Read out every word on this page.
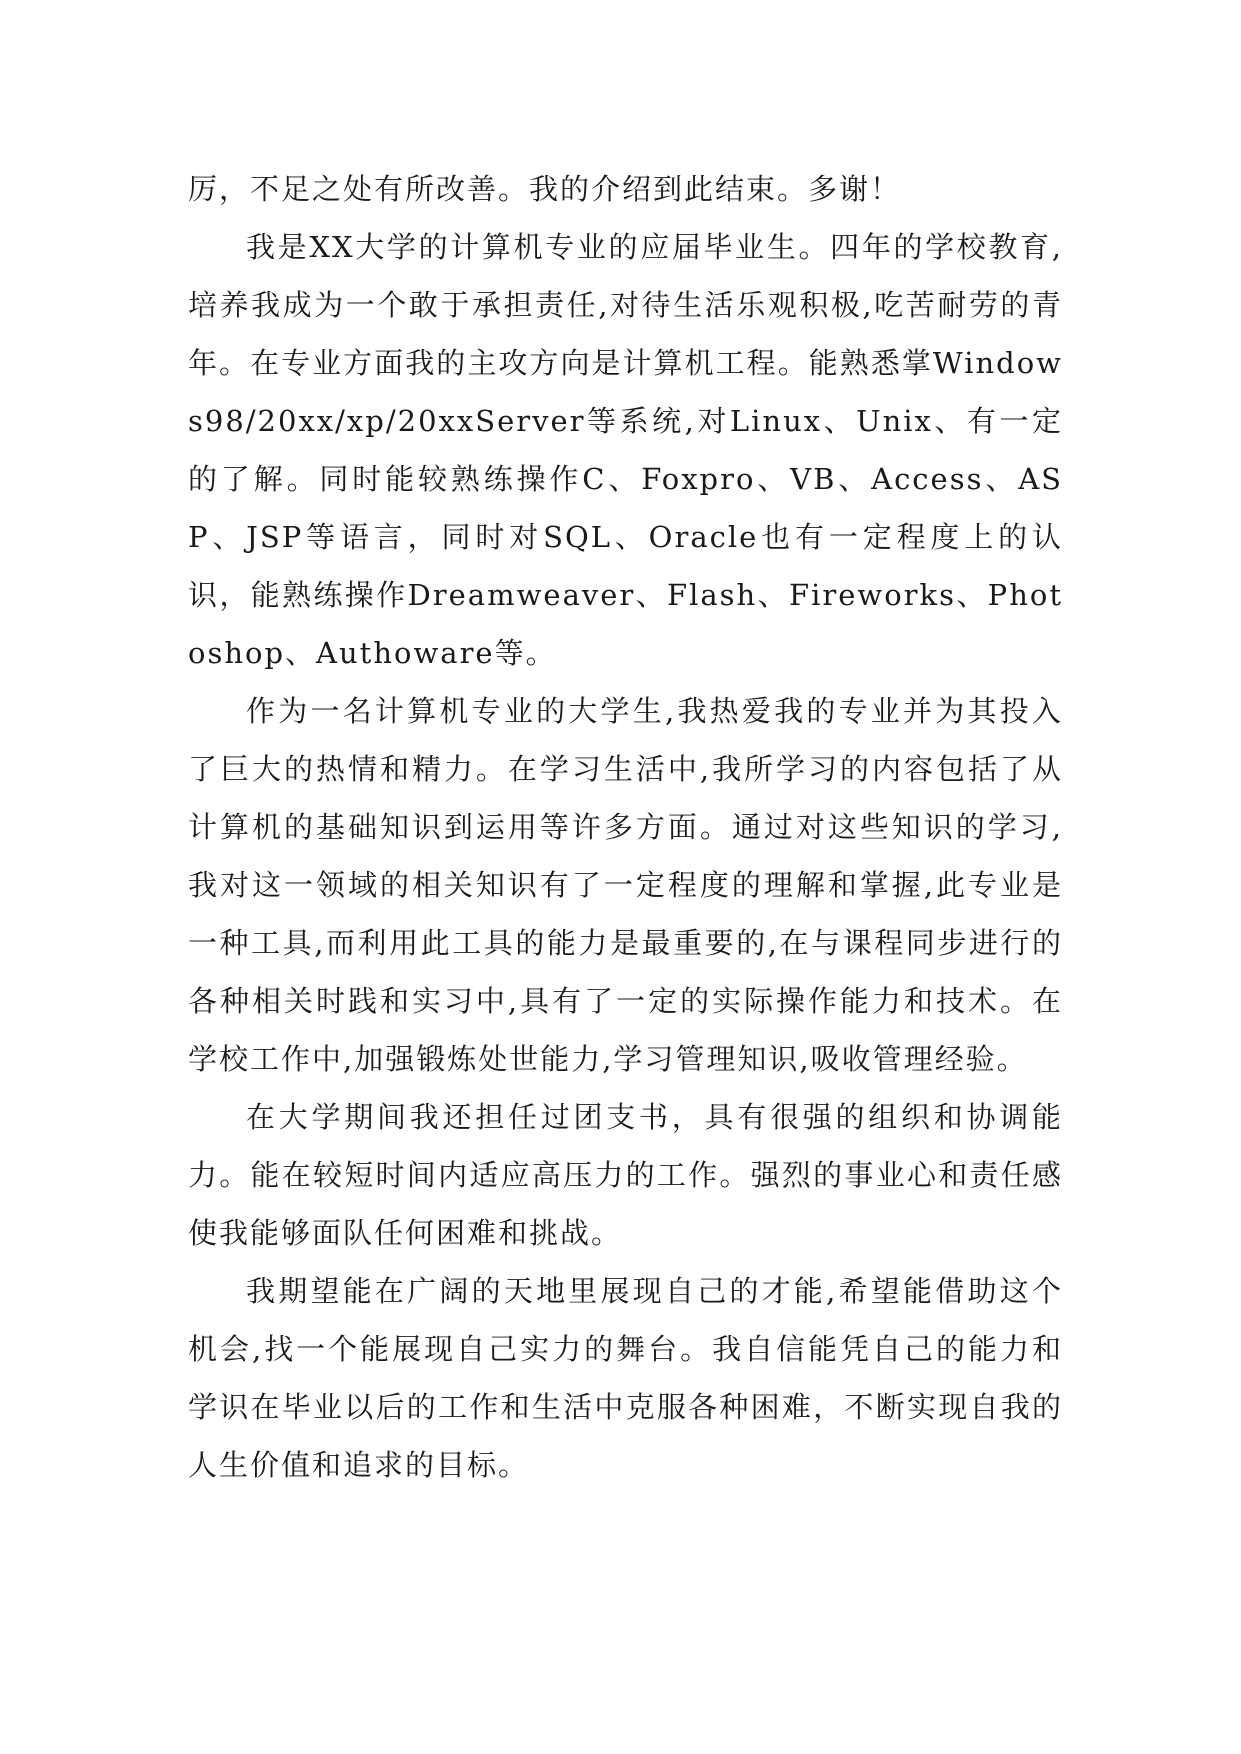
厉，不足之处有所改善。我的介绍到此结束。多谢！

我是XX大学的计算机专业的应届毕业生。四年的学校教育,培养我成为一个敢于承担责任,对待生活乐观积极,吃苦耐劳的青年。在专业方面我的主攻方向是计算机工程。能熟悉掌Windows98/20xx/xp/20xxServer等系统,对Linux、Unix、有一定的了解。同时能较熟练操作C、Foxpro、VB、Access、ASP、JSP等语言，同时对SQL、Oracle也有一定程度上的认识，能熟练操作Dreamweaver、Flash、Fireworks、Photoshop、Authoware等。

作为一名计算机专业的大学生,我热爱我的专业并为其投入了巨大的热情和精力。在学习生活中,我所学习的内容包括了从计算机的基础知识到运用等许多方面。通过对这些知识的学习,我对这一领域的相关知识有了一定程度的理解和掌握,此专业是一种工具,而利用此工具的能力是最重要的,在与课程同步进行的各种相关时践和实习中,具有了一定的实际操作能力和技术。在学校工作中,加强锻炼处世能力,学习管理知识,吸收管理经验。

在大学期间我还担任过团支书，具有很强的组织和协调能力。能在较短时间内适应高压力的工作。强烈的事业心和责任感使我能够面队任何困难和挑战。

我期望能在广阔的天地里展现自己的才能,希望能借助这个机会,找一个能展现自己实力的舞台。我自信能凭自己的能力和学识在毕业以后的工作和生活中克服各种困难，不断实现自我的人生价值和追求的目标。
